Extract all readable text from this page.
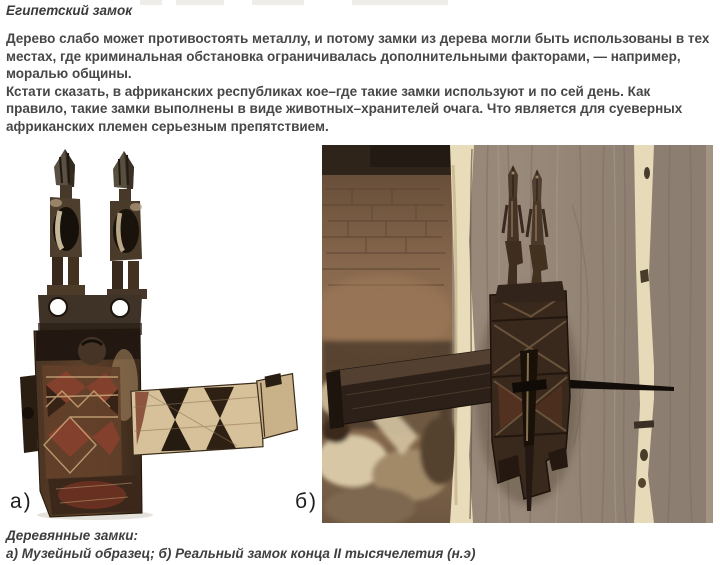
Египетский замок
Дерево слабо может противостоять металлу, и потому замки из дерева могли быть использованы в тех
местах, где криминальная обстановка ограничивалась дополнительными факторами, — например,
моралью общины.
Кстати сказать, в африканских республиках кое–где такие замки используют и по сей день. Как
правило, такие замки выполнены в виде животных–хранителей очага. Что является для суеверных
африканских племен серьезным препятствием.
а)	б)
Деревянные замки:
а) Музейный образец; б) Реальный замок конца II тысячелетия (н.э)
